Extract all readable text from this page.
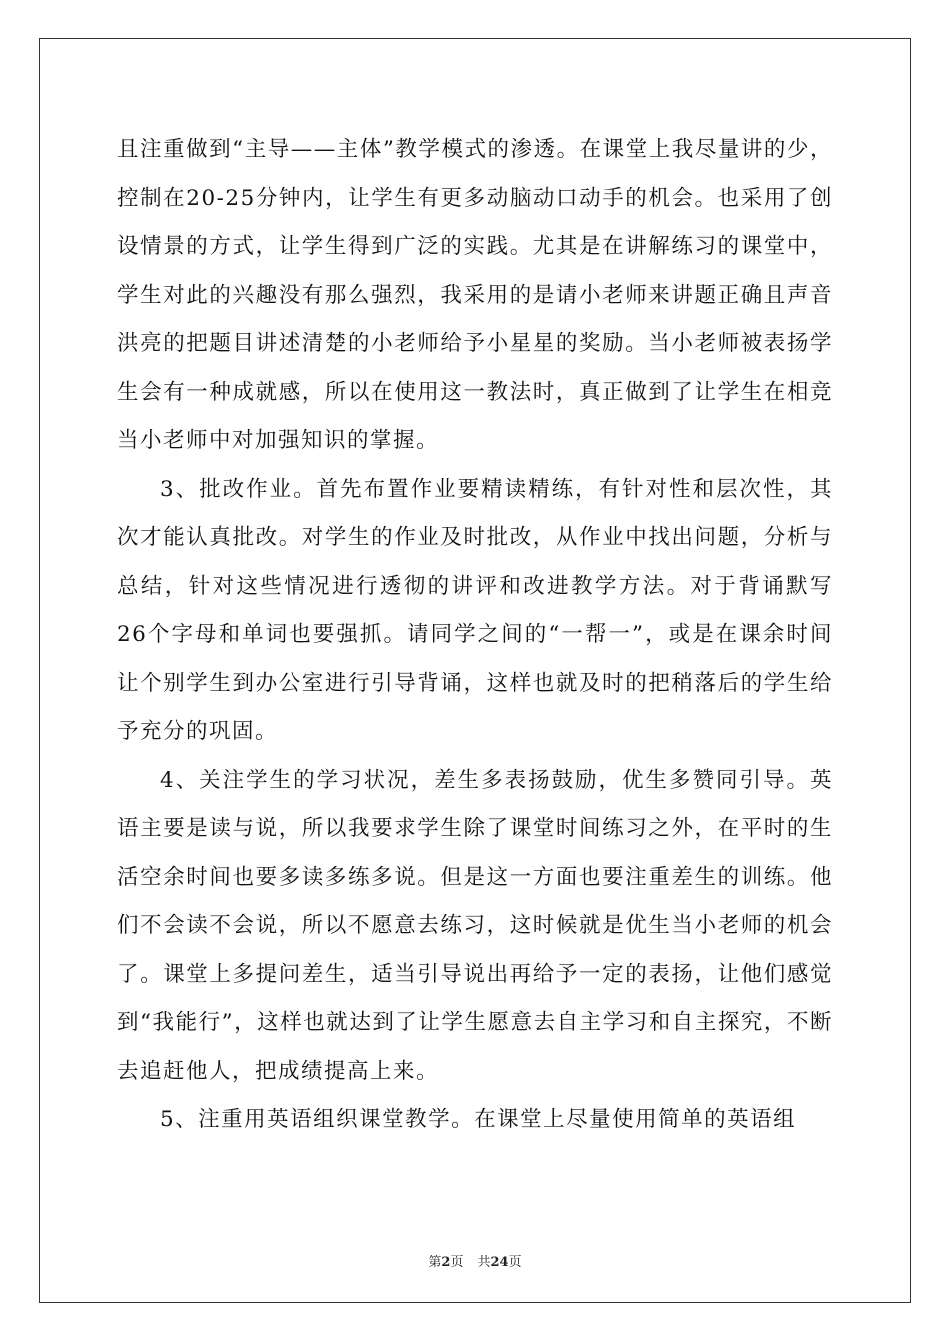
且注重做到“主导——主体”教学模式的渗透。在课堂上我尽量讲的少，控制在20-25分钟内，让学生有更多动脑动口动手的机会。也采用了创设情景的方式，让学生得到广泛的实践。尤其是在讲解练习的课堂中，学生对此的兴趣没有那么强烈，我采用的是请小老师来讲题正确且声音洪亮的把题目讲述清楚的小老师给予小星星的奖励。当小老师被表扬学生会有一种成就感，所以在使用这一教法时，真正做到了让学生在相竞当小老师中对加强知识的掌握。

3、批改作业。首先布置作业要精读精练，有针对性和层次性，其次才能认真批改。对学生的作业及时批改，从作业中找出问题，分析与总结，针对这些情况进行透彻的讲评和改进教学方法。对于背诵默写26个字母和单词也要强抓。请同学之间的“一帮一”，或是在课余时间让个别学生到办公室进行引导背诵，这样也就及时的把稍落后的学生给予充分的巩固。

4、关注学生的学习状况，差生多表扬鼓励，优生多赞同引导。英语主要是读与说，所以我要求学生除了课堂时间练习之外，在平时的生活空余时间也要多读多练多说。但是这一方面也要注重差生的训练。他们不会读不会说，所以不愿意去练习，这时候就是优生当小老师的机会了。课堂上多提问差生，适当引导说出再给予一定的表扬，让他们感觉到“我能行”，这样也就达到了让学生愿意去自主学习和自主探究，不断去追赶他人，把成绩提高上来。

5、注重用英语组织课堂教学。在课堂上尽量使用简单的英语组

第2页 共24页
